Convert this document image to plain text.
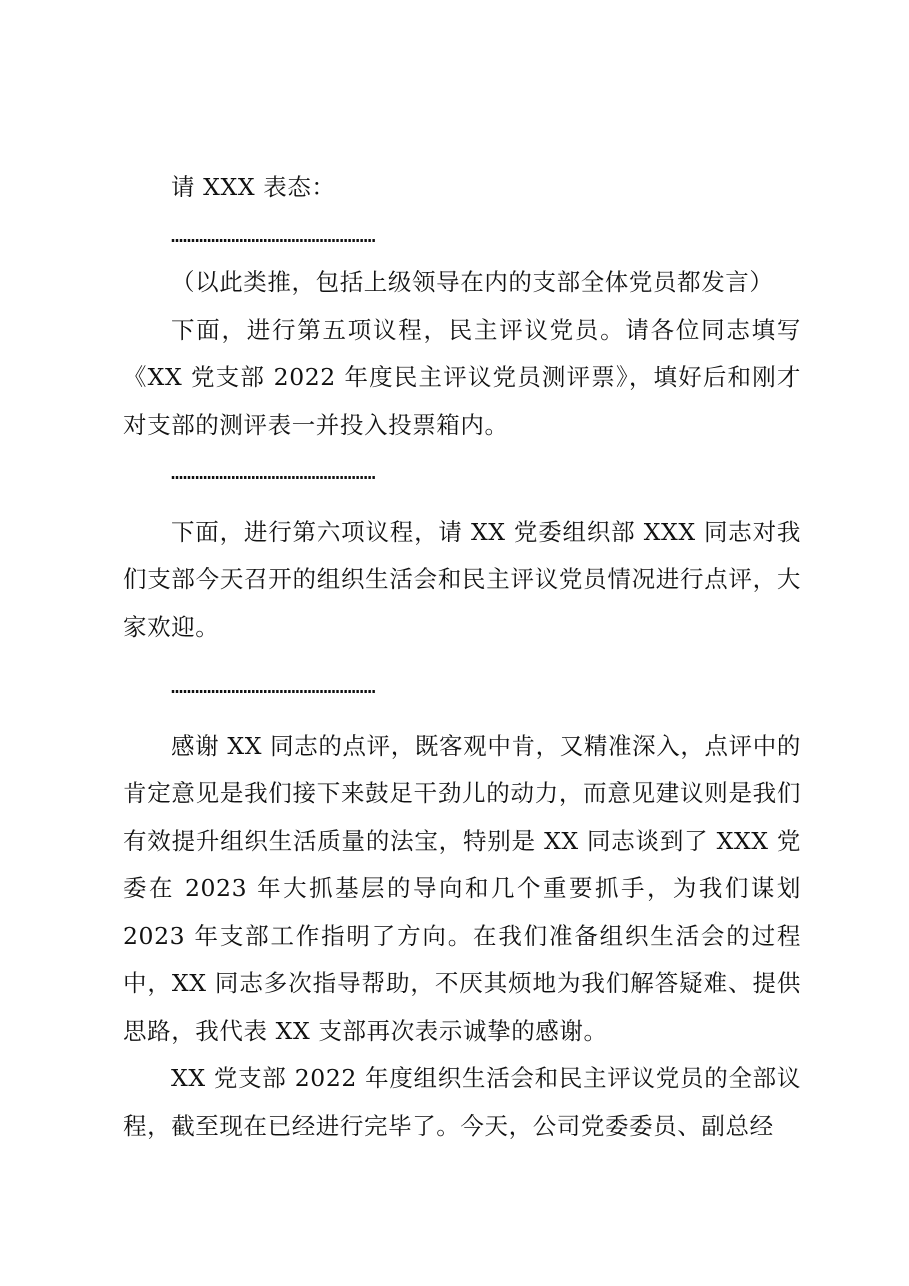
请 XXX 表态：

……………………………………………

（以此类推，包括上级领导在内的支部全体党员都发言）

下面，进行第五项议程，民主评议党员。请各位同志填写《XX 党支部 2022 年度民主评议党员测评票》，填好后和刚才对支部的测评表一并投入投票箱内。

……………………………………………

下面，进行第六项议程，请 XX 党委组织部 XXX 同志对我们支部今天召开的组织生活会和民主评议党员情况进行点评，大家欢迎。

……………………………………………

感谢 XX 同志的点评，既客观中肯，又精准深入，点评中的肯定意见是我们接下来鼓足干劲儿的动力，而意见建议则是我们有效提升组织生活质量的法宝，特别是 XX 同志谈到了 XXX 党委在 2023 年大抓基层的导向和几个重要抓手，为我们谋划 2023 年支部工作指明了方向。在我们准备组织生活会的过程中，XX 同志多次指导帮助，不厌其烦地为我们解答疑难、提供思路，我代表 XX 支部再次表示诚挚的感谢。

XX 党支部 2022 年度组织生活会和民主评议党员的全部议程，截至现在已经进行完毕了。今天，公司党委委员、副总经
